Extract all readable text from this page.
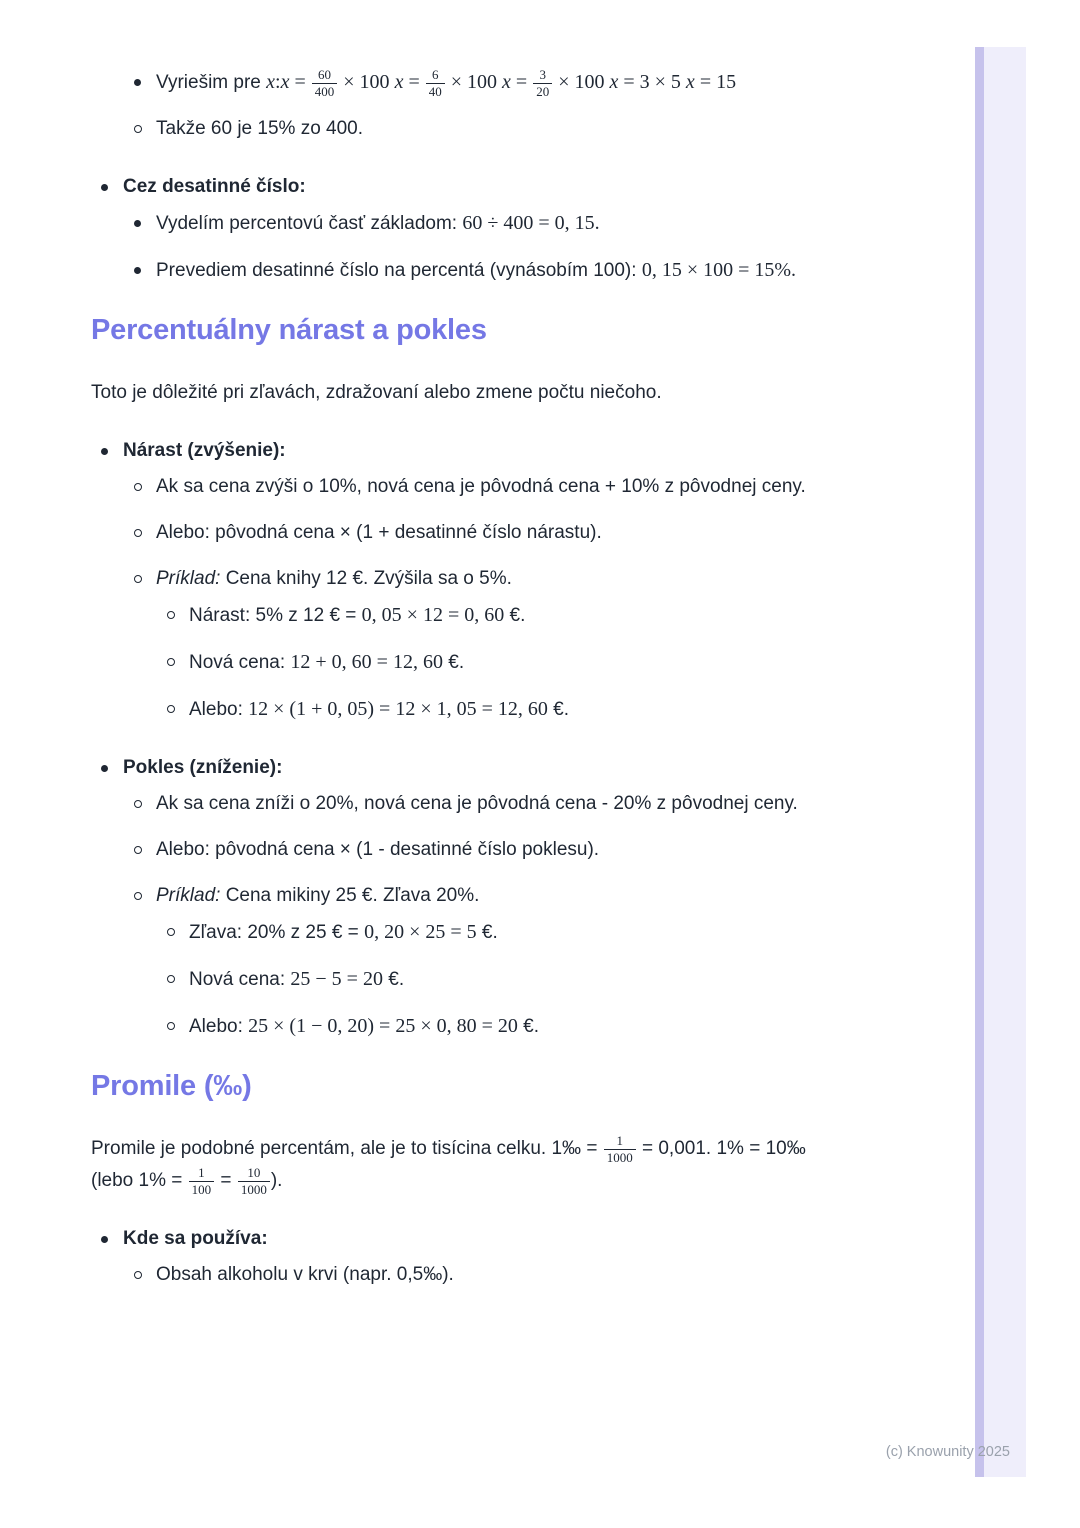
Vyriešim pre x:x = $\frac{60}{400} \times 100$ $x = \frac{6}{40} \times 100$ $x = \frac{3}{20} \times 100$ x = 3 × 5 x = 15
Takže 60 je 15% zo 400.
Cez desatinné číslo:
Vydelím percentovú časť základom: 60 ÷ 400 = 0, 15.
Prevediem desatinné číslo na percentá (vynásobím 100): 0, 15 × 100 = 15%.
Percentuálny nárast a pokles

Toto je dôležité pri zľavách, zdražovaní alebo zmene počtu niečoho.

Nárast (zvýšenie):
Ak sa cena zvýši o 10%, nová cena je pôvodná cena + 10% z pôvodnej ceny.
Alebo: pôvodná cena × (1 + desatinné číslo nárastu).
Príklad: Cena knihy 12 €. Zvýšila sa o 5%.
Nárast: 5% z 12 € = 0, 05 × 12 = 0, 60 €.
Nová cena: 12 + 0, 60 = 12, 60 €.
Alebo: 12 × (1 + 0, 05) = 12 × 1, 05 = 12, 60 €.
Pokles (zníženie):
Ak sa cena zníži o 20%, nová cena je pôvodná cena - 20% z pôvodnej ceny.
Alebo: pôvodná cena × (1 - desatinné číslo poklesu).
Príklad: Cena mikiny 25 €. Zľava 20%.
Zľava: 20% z 25 € = 0, 20 × 25 = 5 €.
Nová cena: 25 − 5 = 20 €.
Alebo: 25 × (1 − 0, 20) = 25 × 0, 80 = 20 €.
Promile (‰)

Promile je podobné percentám, ale je to tisícina celku. 1‰ = $\frac{1}{1000} = 0,001$. 1% = 10‰ (lebo $1\% = \frac{1}{100} = \frac{10}{1000}$ ).

Kde sa používa:
Obsah alkoholu v krvi (napr. 0,5‰).
(c) Knowunity 2025
